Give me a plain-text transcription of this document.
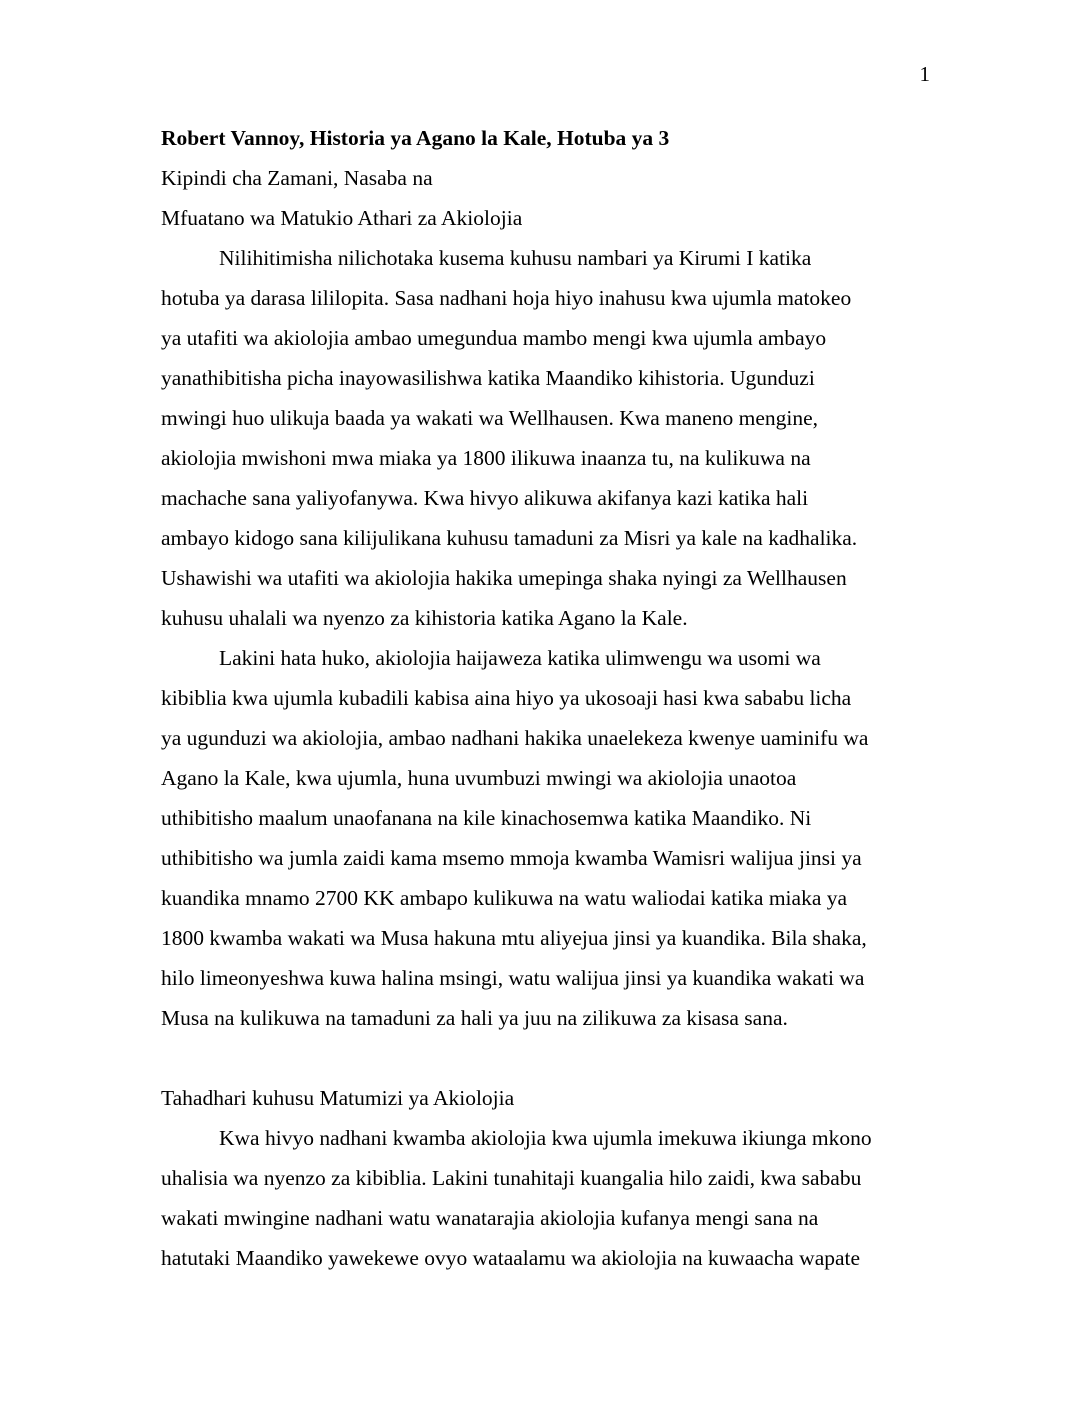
1
Robert Vannoy, Historia ya Agano la Kale, Hotuba ya 3
Kipindi cha Zamani, Nasaba na
Mfuatano wa Matukio Athari za Akiolojia
Nilihitimisha nilichotaka kusema kuhusu nambari ya Kirumi I katika
hotuba ya darasa lililopita. Sasa nadhani hoja hiyo inahusu kwa ujumla matokeo
ya utafiti wa akiolojia ambao umegundua mambo mengi kwa ujumla ambayo
yanathibitisha picha inayowasilishwa katika Maandiko kihistoria. Ugunduzi
mwingi huo ulikuja baada ya wakati wa Wellhausen. Kwa maneno mengine,
akiolojia mwishoni mwa miaka ya 1800 ilikuwa inaanza tu, na kulikuwa na
machache sana yaliyofanywa. Kwa hivyo alikuwa akifanya kazi katika hali
ambayo kidogo sana kilijulikana kuhusu tamaduni za Misri ya kale na kadhalika.
Ushawishi wa utafiti wa akiolojia hakika umepinga shaka nyingi za Wellhausen
kuhusu uhalali wa nyenzo za kihistoria katika Agano la Kale.
Lakini hata huko, akiolojia haijaweza katika ulimwengu wa usomi wa
kibiblia kwa ujumla kubadili kabisa aina hiyo ya ukosoaji hasi kwa sababu licha
ya ugunduzi wa akiolojia, ambao nadhani hakika unaelekeza kwenye uaminifu wa
Agano la Kale, kwa ujumla, huna uvumbuzi mwingi wa akiolojia unaotoa
uthibitisho maalum unaofanana na kile kinachosemwa katika Maandiko. Ni
uthibitisho wa jumla zaidi kama msemo mmoja kwamba Wamisri walijua jinsi ya
kuandika mnamo 2700 KK ambapo kulikuwa na watu waliodai katika miaka ya
1800 kwamba wakati wa Musa hakuna mtu aliyejua jinsi ya kuandika. Bila shaka,
hilo limeonyeshwa kuwa halina msingi, watu walijua jinsi ya kuandika wakati wa
Musa na kulikuwa na tamaduni za hali ya juu na zilikuwa za kisasa sana.
Tahadhari kuhusu Matumizi ya Akiolojia
Kwa hivyo nadhani kwamba akiolojia kwa ujumla imekuwa ikiunga mkono
uhalisia wa nyenzo za kibiblia. Lakini tunahitaji kuangalia hilo zaidi, kwa sababu
wakati mwingine nadhani watu wanatarajia akiolojia kufanya mengi sana na
hatutaki Maandiko yawekewe ovyo wataalamu wa akiolojia na kuwaacha wapate
